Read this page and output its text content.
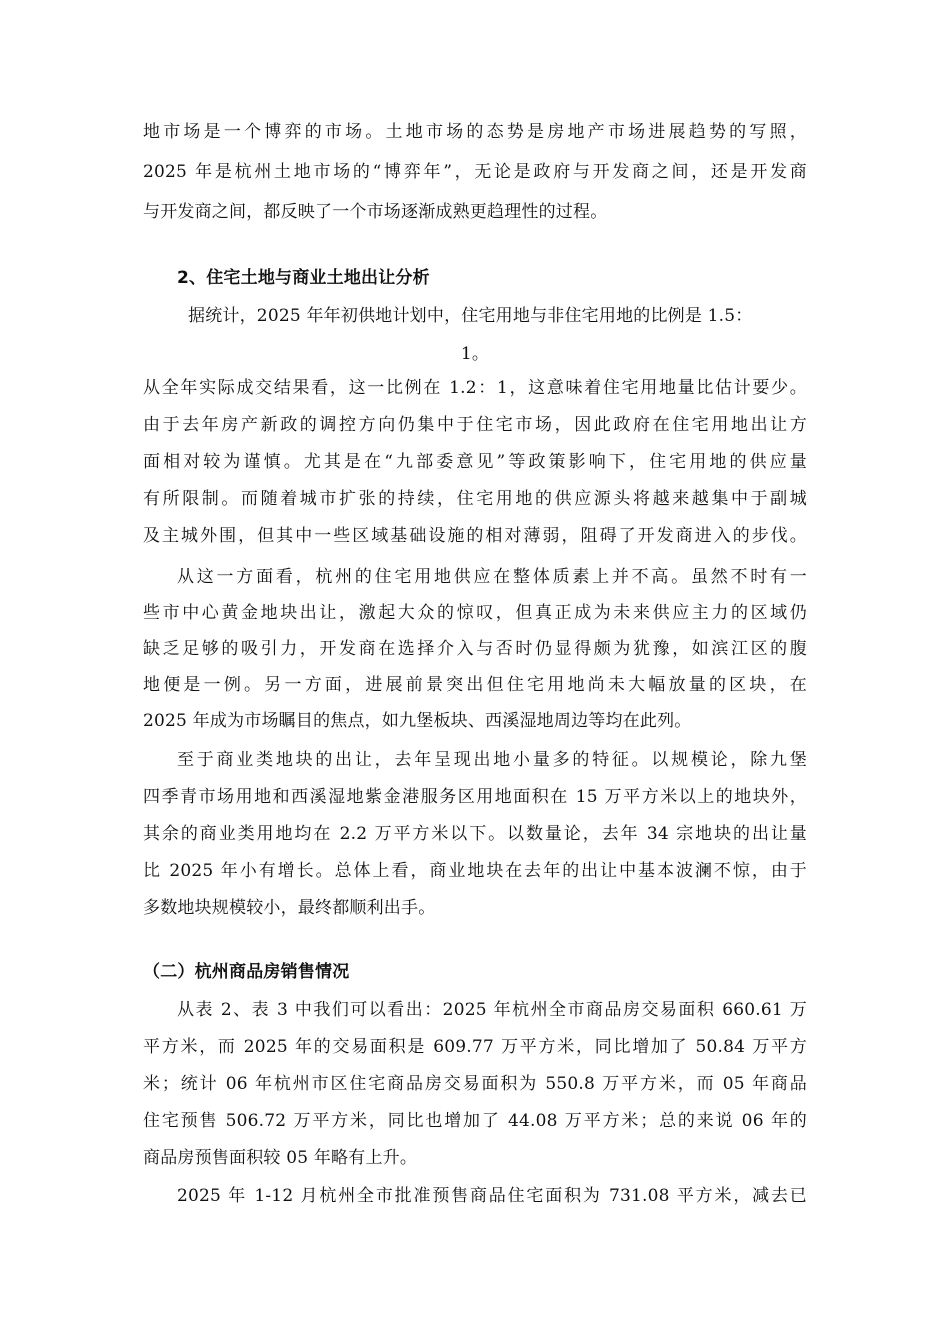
地市场是一个博弈的市场。土地市场的态势是房地产市场进展趋势的写照，
2025 年是杭州土地市场的“博弈年”，无论是政府与开发商之间，还是开发商
与开发商之间，都反映了一个市场逐渐成熟更趋理性的过程。
2、住宅土地与商业土地出让分析
据统计，2025 年年初供地计划中，住宅用地与非住宅用地的比例是 1.5：
1。
从全年实际成交结果看，这一比例在 1.2：1，这意味着住宅用地量比估计要少。
由于去年房产新政的调控方向仍集中于住宅市场，因此政府在住宅用地出让方
面相对较为谨慎。尤其是在“九部委意见”等政策影响下，住宅用地的供应量
有所限制。而随着城市扩张的持续，住宅用地的供应源头将越来越集中于副城
及主城外围，但其中一些区域基础设施的相对薄弱，阻碍了开发商进入的步伐。
从这一方面看，杭州的住宅用地供应在整体质素上并不高。虽然不时有一
些市中心黄金地块出让，激起大众的惊叹，但真正成为未来供应主力的区域仍
缺乏足够的吸引力，开发商在选择介入与否时仍显得颇为犹豫，如滨江区的腹
地便是一例。另一方面，进展前景突出但住宅用地尚未大幅放量的区块，在
2025 年成为市场瞩目的焦点，如九堡板块、西溪湿地周边等均在此列。
至于商业类地块的出让，去年呈现出地小量多的特征。以规模论，除九堡
四季青市场用地和西溪湿地紫金港服务区用地面积在 15 万平方米以上的地块外，
其余的商业类用地均在 2.2 万平方米以下。以数量论，去年 34 宗地块的出让量
比 2025 年小有增长。总体上看，商业地块在去年的出让中基本波澜不惊，由于
多数地块规模较小，最终都顺利出手。
（二）杭州商品房销售情况
从表 2、表 3 中我们可以看出：2025 年杭州全市商品房交易面积 660.61 万
平方米，而 2025 年的交易面积是 609.77 万平方米，同比增加了 50.84 万平方
米；统计 06 年杭州市区住宅商品房交易面积为 550.8 万平方米，而 05 年商品
住宅预售 506.72 万平方米，同比也增加了 44.08 万平方米；总的来说 06 年的
商品房预售面积较 05 年略有上升。
2025 年 1-12 月杭州全市批准预售商品住宅面积为 731.08 平方米，减去已
